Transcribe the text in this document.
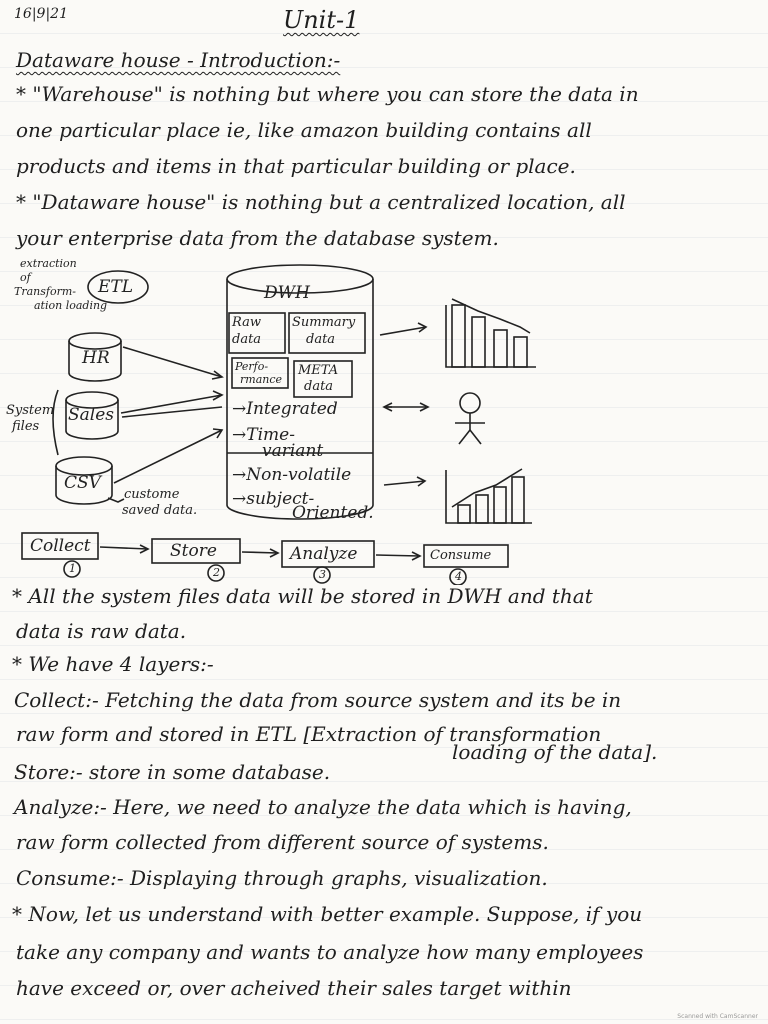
16|9|21	Unit-1
Dataware house - Introduction:-
* "Warehouse" is nothing but where you can store the data in
one particular place ie, like amazon building contains all
products and items in that particular building or place.
* "Dataware house" is nothing but a centralized location, all
your enterprise data from the database system.
extraction
of
Transform-
ation loading
ETL
HR
Sales
CSV
System
files
custome
saved data.
DWH
Raw
data
Summary
data
Perfo-
rmance
META
data
→Integrated
→Time-
variant
→Non-volatile
→subject-
Oriented.
Collect	Store	Analyze	Consume
1	2	3	4
* All the system files data will be stored in DWH and that
data is raw data.
* We have 4 layers:-
Collect:- Fetching the data from source system and its be in
raw form and stored in ETL [Extraction of transformation
loading of the data].
Store:- store in some database.
Analyze:- Here, we need to analyze the data which is having,
raw form collected from different source of systems.
Consume:- Displaying through graphs, visualization.
* Now, let us understand with better example. Suppose, if you
take any company and wants to analyze how many employees
have exceed or, over acheived their sales target within
Scanned with CamScanner
